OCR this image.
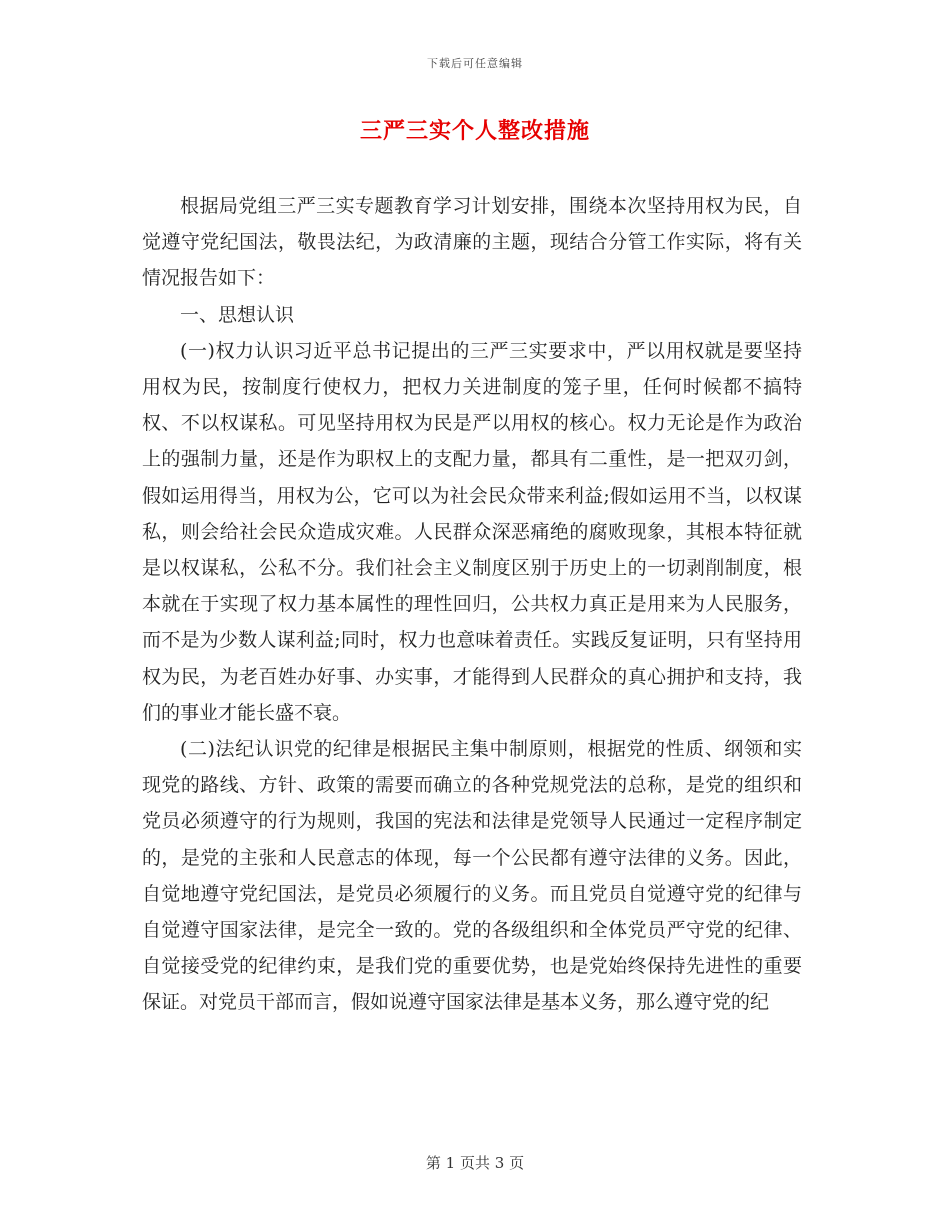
下载后可任意编辑
三严三实个人整改措施

根据局党组三严三实专题教育学习计划安排，围绕本次坚持用权为民，自觉遵守党纪国法，敬畏法纪，为政清廉的主题，现结合分管工作实际，将有关情况报告如下：

一、思想认识

(一)权力认识习近平总书记提出的三严三实要求中，严以用权就是要坚持用权为民，按制度行使权力，把权力关进制度的笼子里，任何时候都不搞特权、不以权谋私。可见坚持用权为民是严以用权的核心。权力无论是作为政治上的强制力量，还是作为职权上的支配力量，都具有二重性，是一把双刃剑，假如运用得当，用权为公，它可以为社会民众带来利益;假如运用不当，以权谋私，则会给社会民众造成灾难。人民群众深恶痛绝的腐败现象，其根本特征就是以权谋私，公私不分。我们社会主义制度区别于历史上的一切剥削制度，根本就在于实现了权力基本属性的理性回归，公共权力真正是用来为人民服务，而不是为少数人谋利益;同时，权力也意味着责任。实践反复证明，只有坚持用权为民，为老百姓办好事、办实事，才能得到人民群众的真心拥护和支持，我们的事业才能长盛不衰。

(二)法纪认识党的纪律是根据民主集中制原则，根据党的性质、纲领和实现党的路线、方针、政策的需要而确立的各种党规党法的总称，是党的组织和党员必须遵守的行为规则，我国的宪法和法律是党领导人民通过一定程序制定的，是党的主张和人民意志的体现，每一个公民都有遵守法律的义务。因此，自觉地遵守党纪国法，是党员必须履行的义务。而且党员自觉遵守党的纪律与自觉遵守国家法律，是完全一致的。党的各级组织和全体党员严守党的纪律、自觉接受党的纪律约束，是我们党的重要优势，也是党始终保持先进性的重要保证。对党员干部而言，假如说遵守国家法律是基本义务，那么遵守党的纪

第 1 页共 3 页
